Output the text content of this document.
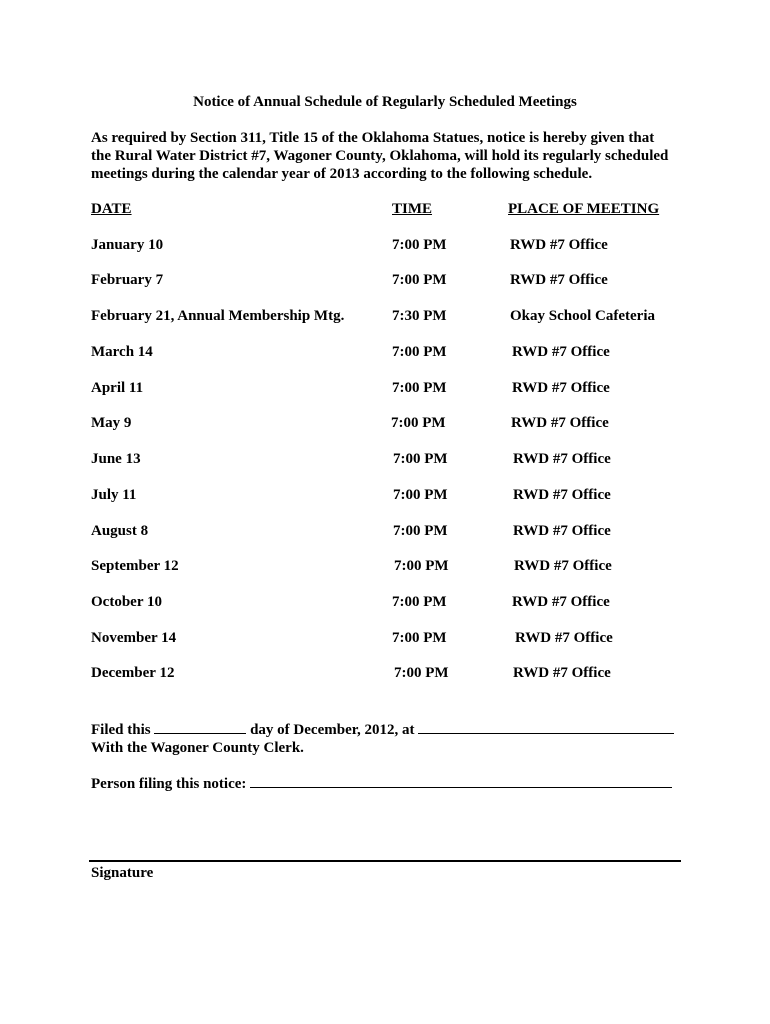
Notice of Annual Schedule of Regularly Scheduled Meetings
As required by Section 311, Title 15 of the Oklahoma Statues, notice is hereby given that
the Rural Water District #7, Wagoner County, Oklahoma, will hold its regularly scheduled
meetings during the calendar year of 2013 according to the following schedule.
DATE	TIME	PLACE OF MEETING
January 10	7:00 PM	RWD #7 Office
February 7	7:00 PM	RWD #7 Office
February 21, Annual Membership Mtg.	7:30 PM	Okay School Cafeteria
March 14	7:00 PM	RWD #7 Office
April 11	7:00 PM	RWD #7 Office
May 9	7:00 PM	RWD #7 Office
June 13	7:00 PM	RWD #7 Office
July 11	7:00 PM	RWD #7 Office
August 8	7:00 PM	RWD #7 Office
September 12	7:00 PM	RWD #7 Office
October 10	7:00 PM	RWD #7 Office
November 14	7:00 PM	RWD #7 Office
December 12	7:00 PM	RWD #7 Office
Filed this	day of December, 2012, at
With the Wagoner County Clerk.
Person filing this notice:
Signature
